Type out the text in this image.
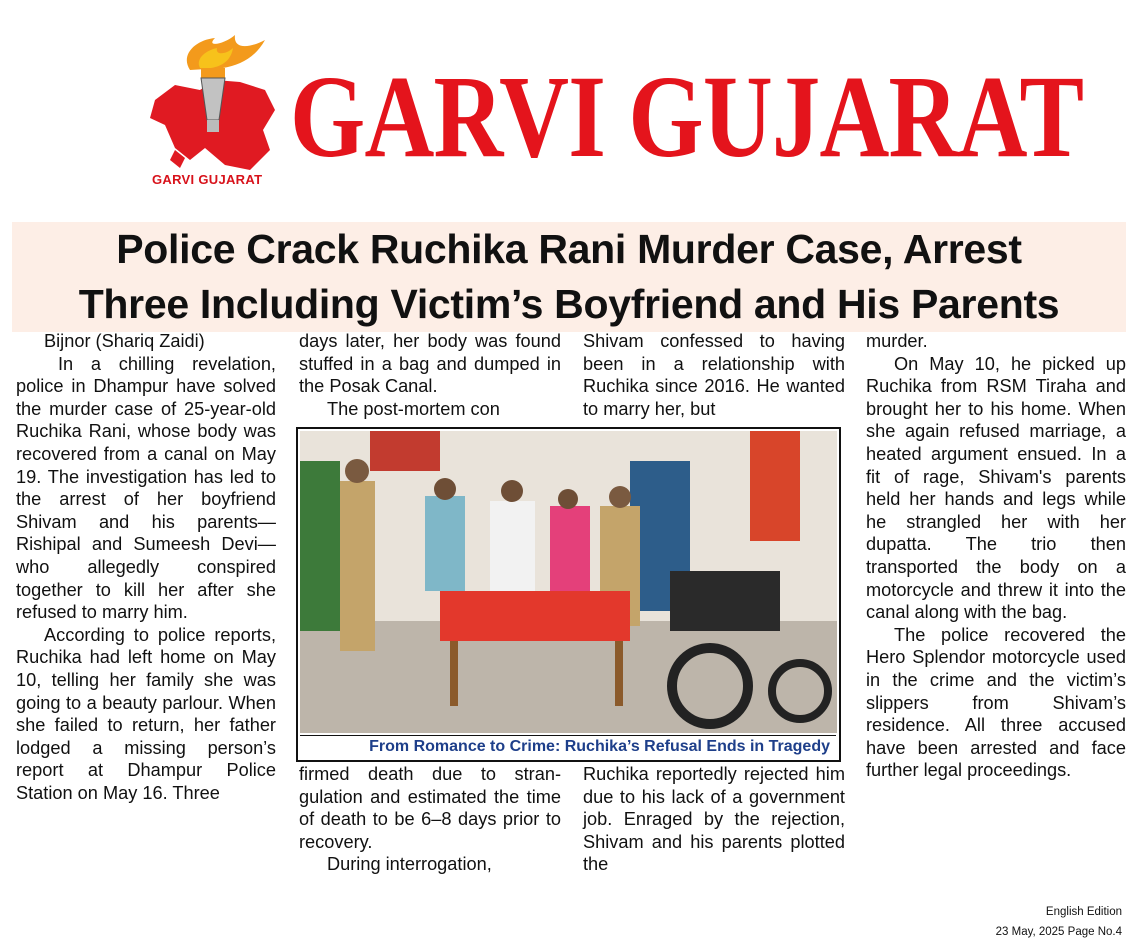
GARVI GUJARAT GARVI GUJARAT
Police Crack Ruchika Rani Murder Case, Arrest
Three Including Victim’s Boyfriend and His Parents

Bijnor (Shariq Zaidi)

In a chilling revelation, police in Dhampur have solved the murder case of 25-year-old Ruchika Rani, whose body was recovered from a canal on May 19. The investigation has led to the arrest of her boyfriend Shivam and his parents—Rishipal and Sumeesh Devi—who allegedly conspired together to kill her after she refused to marry him.

According to police reports, Ruchika had left home on May 10, telling her family she was going to a beauty parlour. When she failed to return, her father lodged a missing person’s report at Dhampur Police Station on May 16. Three

days later, her body was found stuffed in a bag and dumped in the Posak Canal.

The post-mortem con

Shivam confessed to having been in a relationship with Ruchika since 2016. He wanted to marry her, but

From Romance to Crime: Ruchika’s Refusal Ends in Tragedy

firmed death due to strangulation and estimated the time of death to be 6–8 days prior to recovery.

During interrogation,

Ruchika reportedly rejected him due to his lack of a government job. Enraged by the rejection, Shivam and his parents plotted the

murder.

On May 10, he picked up Ruchika from RSM Tiraha and brought her to his home. When she again refused marriage, a heated argument ensued. In a fit of rage, Shivam's parents held her hands and legs while he strangled her with her dupatta. The trio then transported the body on a motorcycle and threw it into the canal along with the bag.

The police recovered the Hero Splendor motorcycle used in the crime and the victim’s slippers from Shivam’s residence. All three accused have been arrested and face further legal proceedings.

English Edition
23 May, 2025 Page No.4
